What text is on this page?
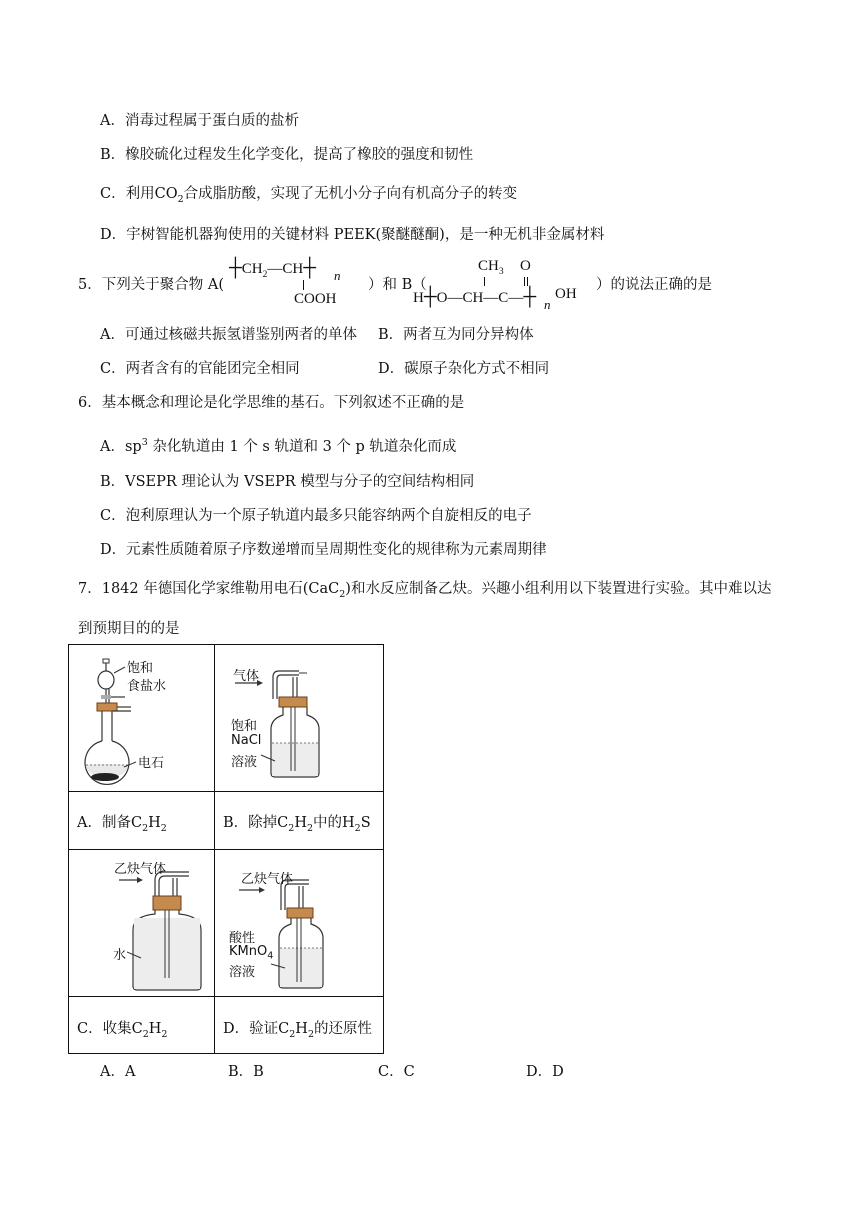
A．消毒过程属于蛋白质的盐析
B．橡胶硫化过程发生化学变化，提高了橡胶的强度和韧性
C．利用$CO_2$合成脂肪酸，实现了无机小分子向有机高分子的转变
D．宇树智能机器狗使用的关键材料 PEEK(聚醚醚酮)，是一种无机非金属材料
5．下列关于聚合物 A(
$┼CH_2—CH┼$ n
COOH
）和 B（
$CH_3$ O
H┼O—CH—C—┼ n
OH
）的说法正确的是
A．可通过核磁共振氢谱鉴别两者的单体 B．两者互为同分异构体
C．两者含有的官能团完全相同	D．碳原子杂化方式不相同
6．基本概念和理论是化学思维的基石。下列叙述不正确的是
A．$sp^3$ 杂化轨道由 1 个 s 轨道和 3 个 p 轨道杂化而成
B．VSEPR 理论认为 VSEPR 模型与分子的空间结构相同
C．泡利原理认为一个原子轨道内最多只能容纳两个自旋相反的电子
D．元素性质随着原子序数递增而呈周期性变化的规律称为元素周期律
7．1842 年德国化学家维勒用电石(CaC$_2$)和水反应制备乙炔。兴趣小组利用以下装置进行实验。其中难以达
到预期目的的是
饱和
食盐水
电石
气体
饱和
NaCl
溶液
A．制备$C_2H_2$	B．除掉$C_2H_2$中的$H_2S$
乙炔气体
水
乙炔气体
酸性
KMnO$_4$
溶液
C．收集$C_2H_2$	D．验证$C_2H_2$的还原性
A．A	B．B	C．C	D．D
